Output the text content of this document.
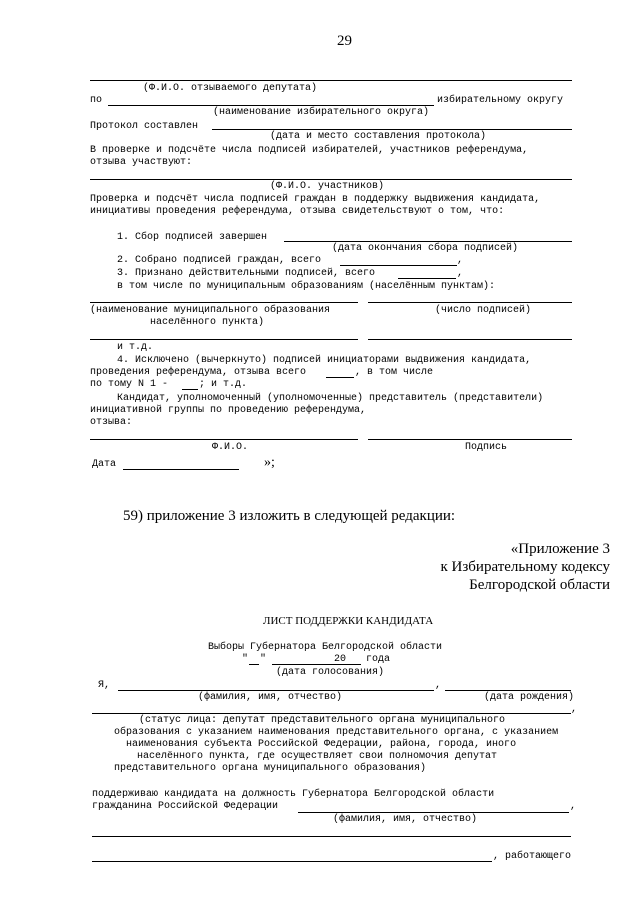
29
(Ф.И.О. отзываемого депутата)
по	избирательному округу
(наименование избирательного округа)
Протокол составлен
(дата и место составления протокола)
В проверке и подсчёте числа подписей избирателей, участников референдума,
отзыва участвуют:
(Ф.И.О. участников)
Проверка и подсчёт числа подписей граждан в поддержку выдвижения кандидата,
инициативы проведения референдума, отзыва свидетельствуют о том, что:
1. Сбор подписей завершен
(дата окончания сбора подписей)
2. Собрано подписей граждан, всего	,
3. Признано действительными подписей, всего	,
в том числе по муниципальным образованиям (населённым пунктам):
(наименование муниципального образования
населённого пункта)
(число подписей)
и т.д.
4. Исключено (вычеркнуто) подписей инициаторами выдвижения кандидата,
проведения референдума, отзыва всего	, в том числе
по тому N 1 -	; и т.д.
Кандидат, уполномоченный (уполномоченные) представитель (представители)
инициативной группы по проведению референдума,
отзыва:
Ф.И.О.	Подпись
Дата	»;
59) приложение 3 изложить в следующей редакции:
«Приложение 3
к Избирательному кодексу
Белгородской области
ЛИСТ ПОДДЕРЖКИ КАНДИДАТА
Выборы Губернатора Белгородской области
" "	20 года
(дата голосования)
Я,	,
(фамилия, имя, отчество)	(дата рождения)
,
(статус лица: депутат представительного органа муниципального
образования с указанием наименования представительного органа, с указанием
наименования субъекта Российской Федерации, района, города, иного
населённого пункта, где осуществляет свои полномочия депутат
представительного органа муниципального образования)
поддерживаю кандидата на должность Губернатора Белгородской области
гражданина Российской Федерации	,
(фамилия, имя, отчество)
, работающего
